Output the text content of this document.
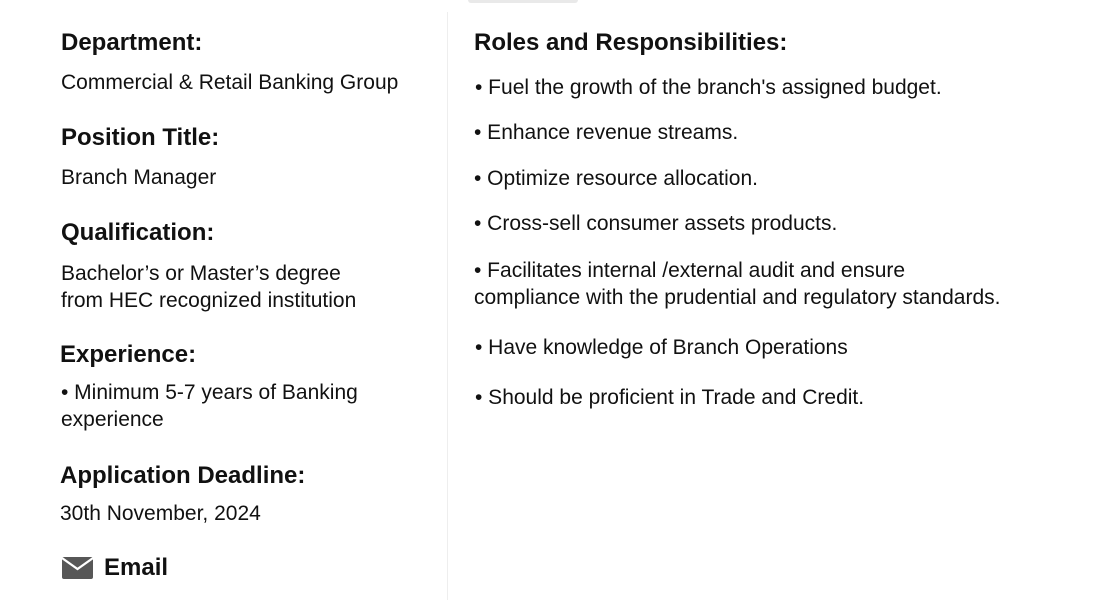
Department:
Commercial & Retail Banking Group
Position Title:
Branch Manager
Qualification:
Bachelor’s or Master’s degree
from HEC recognized institution
Experience:
• Minimum 5-7 years of Banking
experience
Application Deadline:
30th November, 2024
Email
Roles and Responsibilities:
• Fuel the growth of the branch's assigned budget.
• Enhance revenue streams.
• Optimize resource allocation.
• Cross-sell consumer assets products.
• Facilitates internal /external audit and ensure
compliance with the prudential and regulatory standards.
• Have knowledge of Branch Operations
• Should be proficient in Trade and Credit.
